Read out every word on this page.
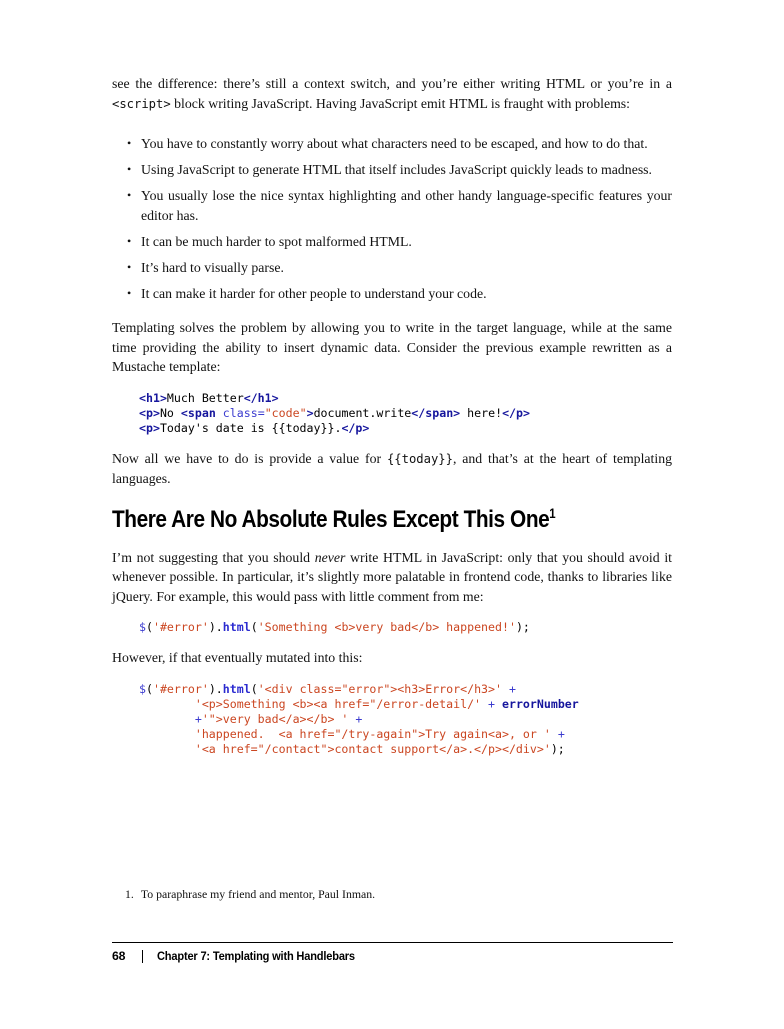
see the difference: there’s still a context switch, and you’re either writing HTML or you’re in a <script> block writing JavaScript. Having JavaScript emit HTML is fraught with problems:

• You have to constantly worry about what characters need to be escaped, and how to do that.
• Using JavaScript to generate HTML that itself includes JavaScript quickly leads to madness.
• You usually lose the nice syntax highlighting and other handy language-specific features your editor has.
• It can be much harder to spot malformed HTML.
• It’s hard to visually parse.
• It can make it harder for other people to understand your code.

Templating solves the problem by allowing you to write in the target language, while at the same time providing the ability to insert dynamic data. Consider the previous example rewritten as a Mustache template:

<h1>Much Better</h1>
<p>No <span class="code">document.write</span> here!</p>
<p>Today's date is {{today}}.</p>

Now all we have to do is provide a value for {{today}}, and that’s at the heart of templating languages.

There Are No Absolute Rules Except This One$^1$

I’m not suggesting that you should never write HTML in JavaScript: only that you should avoid it whenever possible. In particular, it’s slightly more palatable in frontend code, thanks to libraries like jQuery. For example, this would pass with little comment from me:

$('#error').html('Something <b>very bad</b> happened!');

However, if that eventually mutated into this:

$('#error').html('<div class="error"><h3>Error</h3>' +
'<p>Something <b><a href="/error-detail/' + errorNumber
+'">very bad</a></b> ' +
'happened.  <a href="/try-again">Try again<a>, or ' +
'<a href="/contact">contact support</a>.</p></div>');
1. To paraphrase my friend and mentor, Paul Inman.
68	Chapter 7: Templating with Handlebars
